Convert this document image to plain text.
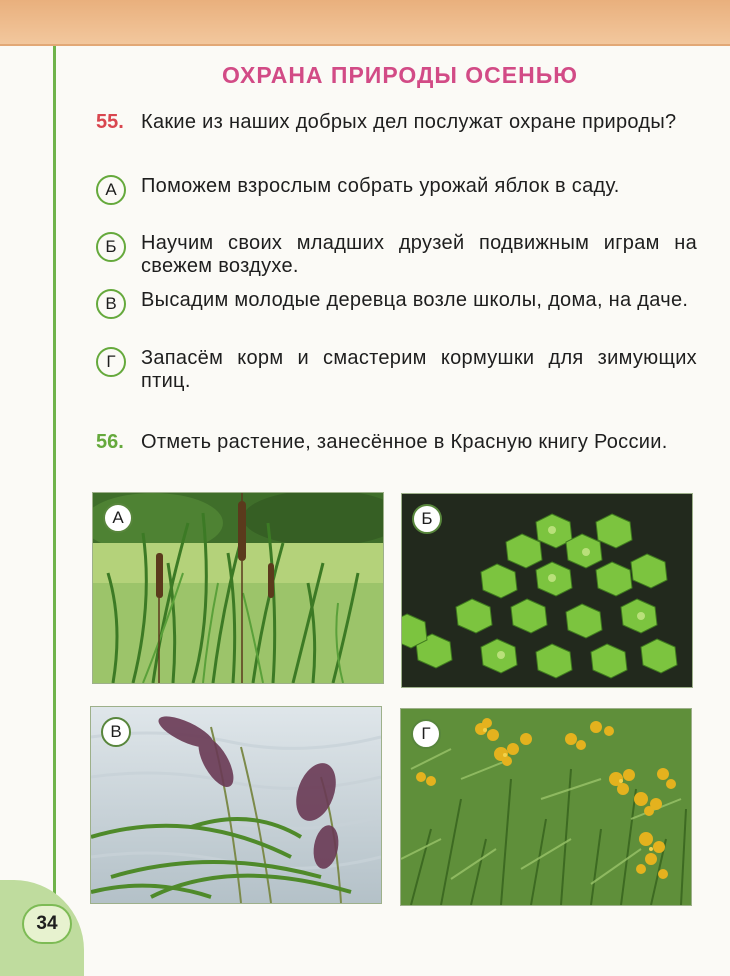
34
ОХРАНА ПРИРОДЫ ОСЕНЬЮ
55. Какие из наших добрых дел послужат охране природы?
А	Поможем взрослым собрать урожай яблок в саду.
Б	Научим своих младших друзей подвижным играм на свежем воздухе.
В	Высадим молодые деревца возле школы, дома, на даче.
Г	Запасём корм и смастерим кормушки для зимующих птиц.
56. Отметь растение, занесённое в Красную книгу России.
А	Б
В	Г
